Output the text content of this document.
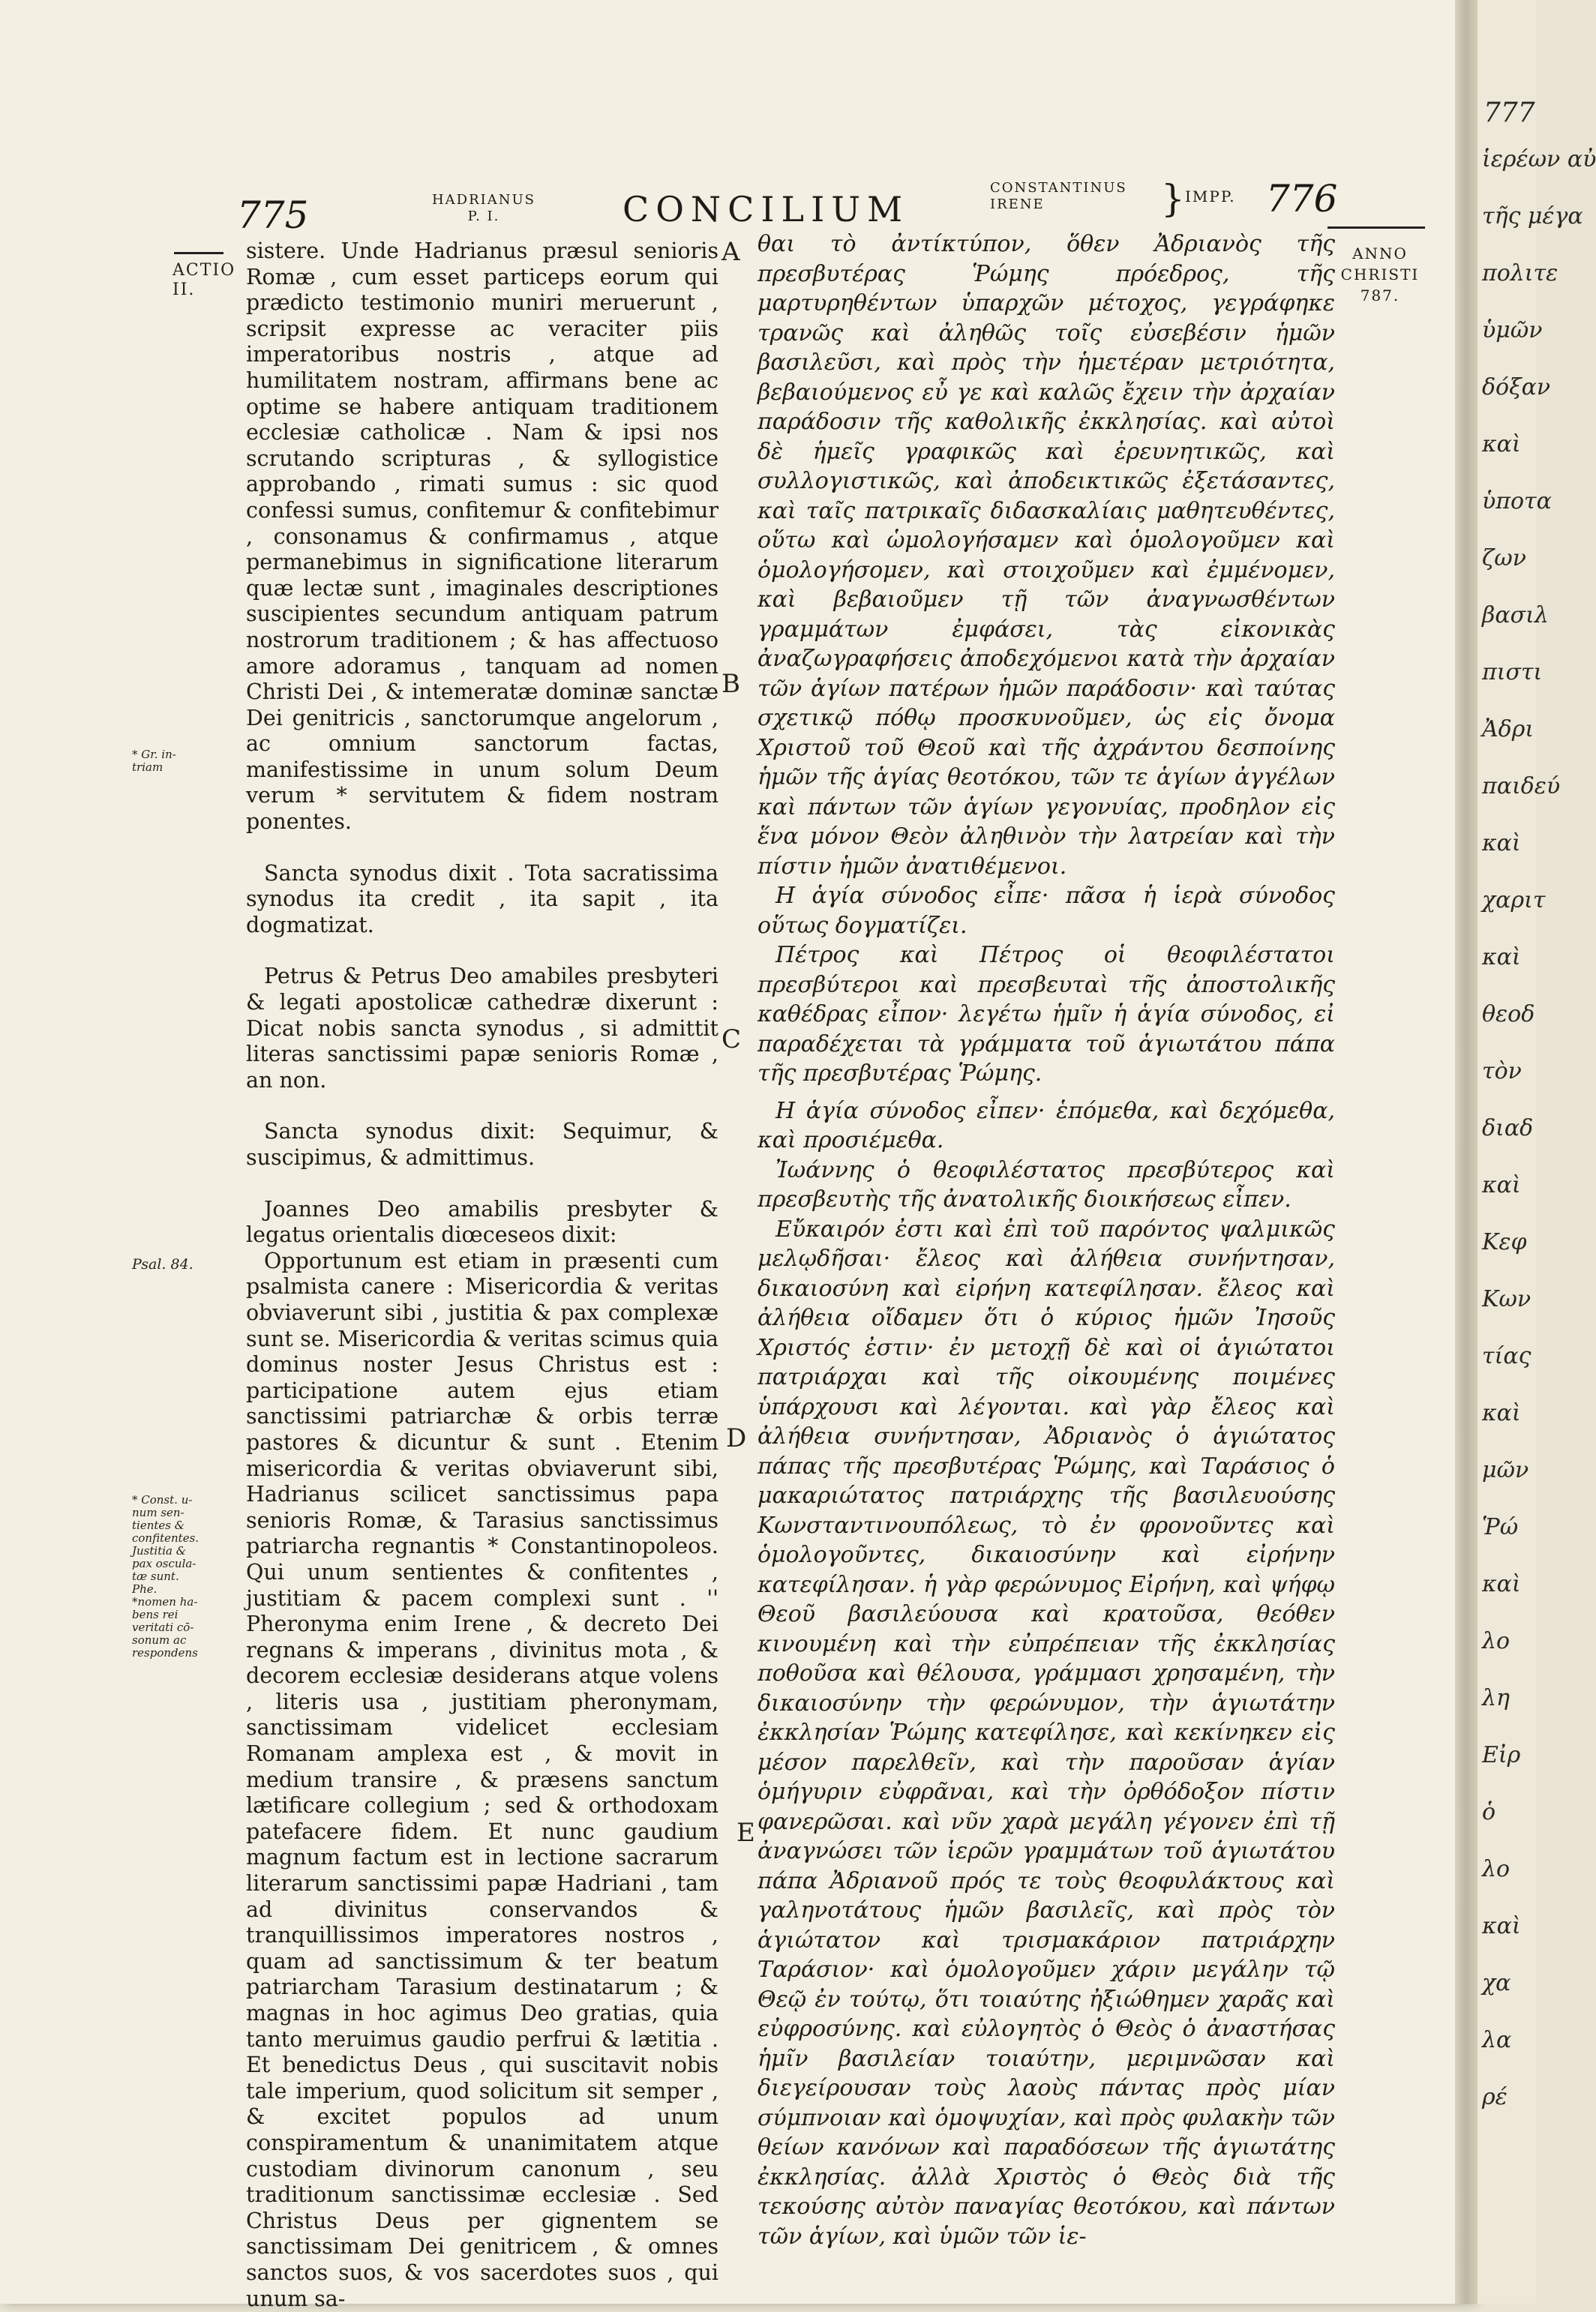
775	HADRIANUS
P. I.	CONCILIUM
CONSTANTINUS
IRENE	IMPP.
} 776
ACTIO II.
* Gr. in-
triam
Psal. 84.
* Const. u-
num sen-
tientes &
confitentes.
Justitia &
pax oscula-
tæ sunt.
Phe.
*nomen ha-
bens rei
veritati cō-
sonum ac
respondens
A
B
C
D
E
ANNO CHRISTI 787.

sistere. Unde Hadrianus præsul senioris Romæ , cum esset particeps eorum qui prædicto testimonio muniri meruerunt , scripsit expresse ac veraciter piis imperatoribus nostris , atque ad humilitatem nostram, affirmans bene ac optime se habere antiquam traditionem ecclesiæ catholicæ . Nam & ipsi nos scrutando scripturas , & syllogistice approbando , rimati sumus : sic quod confessi sumus, confitemur & confitebimur , consonamus & confirmamus , atque permanebimus in significatione literarum quæ lectæ sunt , imaginales descriptiones suscipientes secundum antiquam patrum nostrorum traditionem ; & has affectuoso amore adoramus , tanquam ad nomen Christi Dei , & intemeratæ dominæ sanctæ Dei genitricis , sanctorumque angelorum , ac omnium sanctorum factas, manifestissime in unum solum Deum verum * servitutem & fidem nostram ponentes.

Sancta synodus dixit . Tota sacratissima synodus ita credit , ita sapit , ita dogmatizat.

Petrus & Petrus Deo amabiles presbyteri & legati apostolicæ cathedræ dixerunt : Dicat nobis sancta synodus , si admittit literas sanctissimi papæ senioris Romæ , an non.

Sancta synodus dixit: Sequimur, & suscipimus, & admittimus.

Joannes Deo amabilis presbyter & legatus orientalis diœceseos dixit:

Opportunum est etiam in præsenti cum psalmista canere : Misericordia & veritas obviaverunt sibi , justitia & pax complexæ sunt se. Misericordia & veritas scimus quia dominus noster Jesus Christus est : participatione autem ejus etiam sanctissimi patriarchæ & orbis terræ pastores & dicuntur & sunt . Etenim misericordia & veritas obviaverunt sibi, Hadrianus scilicet sanctissimus papa senioris Romæ, & Tarasius sanctissimus patriarcha regnantis * Constantinopoleos. Qui unum sentientes & confitentes , justitiam & pacem complexi sunt . '' Pheronyma enim Irene , & decreto Dei regnans & imperans , divinitus mota , & decorem ecclesiæ desiderans atque volens , literis usa , justitiam pheronymam, sanctissimam videlicet ecclesiam Romanam amplexa est , & movit in medium transire , & præsens sanctum lætificare collegium ; sed & orthodoxam patefacere fidem. Et nunc gaudium magnum factum est in lectione sacrarum literarum sanctissimi papæ Hadriani , tam ad divinitus conservandos & tranquillissimos imperatores nostros , quam ad sanctissimum & ter beatum patriarcham Tarasium destinatarum ; & magnas in hoc agimus Deo gratias, quia tanto meruimus gaudio perfrui & lætitia . Et benedictus Deus , qui suscitavit nobis tale imperium, quod solicitum sit semper , & excitet populos ad unum conspiramentum & unanimitatem atque custodiam divinorum canonum , seu traditionum sanctissimæ ecclesiæ . Sed Christus Deus per gignentem se sanctissimam Dei genitricem , & omnes sanctos suos, & vos sacerdotes suos , qui unum sa-

θαι τὸ ἀντίκτύπον, ὅθεν Ἀδριανὸς τῆς πρεσβυτέρας Ῥώμης πρόεδρος, τῆς μαρτυρηθέντων ὑπαρχῶν μέτοχος, γεγράφηκε τρανῶς καὶ ἀληθῶς τοῖς εὐσεβέσιν ἡμῶν βασιλεῦσι, καὶ πρὸς τὴν ἡμετέραν μετριότητα, βεβαιούμενος εὖ γε καὶ καλῶς ἔχειν τὴν ἀρχαίαν παράδοσιν τῆς καθολικῆς ἐκκλησίας. καὶ αὐτοὶ δὲ ἡμεῖς γραφικῶς καὶ ἐρευνητικῶς, καὶ συλλογιστικῶς, καὶ ἀποδεικτικῶς ἐξετάσαντες, καὶ ταῖς πατρικαῖς διδασκαλίαις μαθητευθέντες, οὕτω καὶ ὡμολογήσαμεν καὶ ὁμολογοῦμεν καὶ ὁμολογήσομεν, καὶ στοιχοῦμεν καὶ ἐμμένομεν, καὶ βεβαιοῦμεν τῇ τῶν ἀναγνωσθέντων γραμμάτων ἐμφάσει, τὰς εἰκονικὰς ἀναζωγραφήσεις ἀποδεχόμενοι κατὰ τὴν ἀρχαίαν τῶν ἁγίων πατέρων ἡμῶν παράδοσιν· καὶ ταύτας σχετικῷ πόθῳ προσκυνοῦμεν, ὡς εἰς ὄνομα Χριστοῦ τοῦ Θεοῦ καὶ τῆς ἀχράντου δεσποίνης ἡμῶν τῆς ἁγίας θεοτόκου, τῶν τε ἁγίων ἀγγέλων καὶ πάντων τῶν ἁγίων γεγονυίας, προδηλον εἰς ἕνα μόνον Θεὸν ἀληθινὸν τὴν λατρείαν καὶ τὴν πίστιν ἡμῶν ἀνατιθέμενοι.

Η ἁγία σύνοδος εἶπε· πᾶσα ἡ ἱερὰ σύνοδος οὕτως δογματίζει.

Πέτρος καὶ Πέτρος οἱ θεοφιλέστατοι πρεσβύτεροι καὶ πρεσβευταὶ τῆς ἀποστολικῆς καθέδρας εἶπον· λεγέτω ἡμῖν ἡ ἁγία σύνοδος, εἰ παραδέχεται τὰ γράμματα τοῦ ἁγιωτάτου πάπα τῆς πρεσβυτέρας Ῥώμης.

Η ἁγία σύνοδος εἶπεν· ἑπόμεθα, καὶ δεχόμεθα, καὶ προσιέμεθα.

Ἰωάννης ὁ θεοφιλέστατος πρεσβύτερος καὶ πρεσβευτὴς τῆς ἀνατολικῆς διοικήσεως εἶπεν.

Εὔκαιρόν ἐστι καὶ ἐπὶ τοῦ παρόντος ψαλμικῶς μελῳδῆσαι· ἔλεος καὶ ἀλήθεια συνήντησαν, δικαιοσύνη καὶ εἰρήνη κατεφίλησαν. ἔλεος καὶ ἀλήθεια οἴδαμεν ὅτι ὁ κύριος ἡμῶν Ἰησοῦς Χριστός ἐστιν· ἐν μετοχῇ δὲ καὶ οἱ ἁγιώτατοι πατριάρχαι καὶ τῆς οἰκουμένης ποιμένες ὑπάρχουσι καὶ λέγονται. καὶ γὰρ ἔλεος καὶ ἀλήθεια συνήντησαν, Ἀδριανὸς ὁ ἁγιώτατος πάπας τῆς πρεσβυτέρας Ῥώμης, καὶ Ταράσιος ὁ μακαριώτατος πατριάρχης τῆς βασιλευούσης Κωνσταντινουπόλεως, τὸ ἐν φρονοῦντες καὶ ὁμολογοῦντες, δικαιοσύνην καὶ εἰρήνην κατεφίλησαν. ἡ γὰρ φερώνυμος Εἰρήνη, καὶ ψήφῳ Θεοῦ βασιλεύουσα καὶ κρατοῦσα, θεόθεν κινουμένη καὶ τὴν εὐπρέπειαν τῆς ἐκκλησίας ποθοῦσα καὶ θέλουσα, γράμμασι χρησαμένη, τὴν δικαιοσύνην τὴν φερώνυμον, τὴν ἁγιωτάτην ἐκκλησίαν Ῥώμης κατεφίλησε, καὶ κεκίνηκεν εἰς μέσον παρελθεῖν, καὶ τὴν παροῦσαν ἁγίαν ὁμήγυριν εὐφρᾶναι, καὶ τὴν ὀρθόδοξον πίστιν φανερῶσαι. καὶ νῦν χαρὰ μεγάλη γέγονεν ἐπὶ τῇ ἀναγνώσει τῶν ἱερῶν γραμμάτων τοῦ ἁγιωτάτου πάπα Ἀδριανοῦ πρός τε τοὺς θεοφυλάκτους καὶ γαληνοτάτους ἡμῶν βασιλεῖς, καὶ πρὸς τὸν ἁγιώτατον καὶ τρισμακάριον πατριάρχην Ταράσιον· καὶ ὁμολογοῦμεν χάριν μεγάλην τῷ Θεῷ ἐν τούτῳ, ὅτι τοιαύτης ἠξιώθημεν χαρᾶς καὶ εὐφροσύνης. καὶ εὐλογητὸς ὁ Θεὸς ὁ ἀναστήσας ἡμῖν βασιλείαν τοιαύτην, μεριμνῶσαν καὶ διεγείρουσαν τοὺς λαοὺς πάντας πρὸς μίαν σύμπνοιαν καὶ ὁμοψυχίαν, καὶ πρὸς φυλακὴν τῶν θείων κανόνων καὶ παραδόσεων τῆς ἁγιωτάτης ἐκκλησίας. ἀλλὰ Χριστὸς ὁ Θεὸς διὰ τῆς τεκούσης αὐτὸν παναγίας θεοτόκου, καὶ πάντων τῶν ἁγίων, καὶ ὑμῶν τῶν ἱε-

777
ἱερέων αὐ
τῆς μέγα
πολιτε
ὑμῶν
δόξαν
καὶ
ὑποτα
ζων
βασιλ
πιστι
Ἀδρι
παιδεύ
καὶ
χαριτ
καὶ
θεοδ
τὸν
διαδ
καὶ
Κεφ
Κων
τίας
καὶ
μῶν
Ῥώ
καὶ
λο
λη
Εἰρ
ὁ
λο
καὶ
χα
λα
ρέ
